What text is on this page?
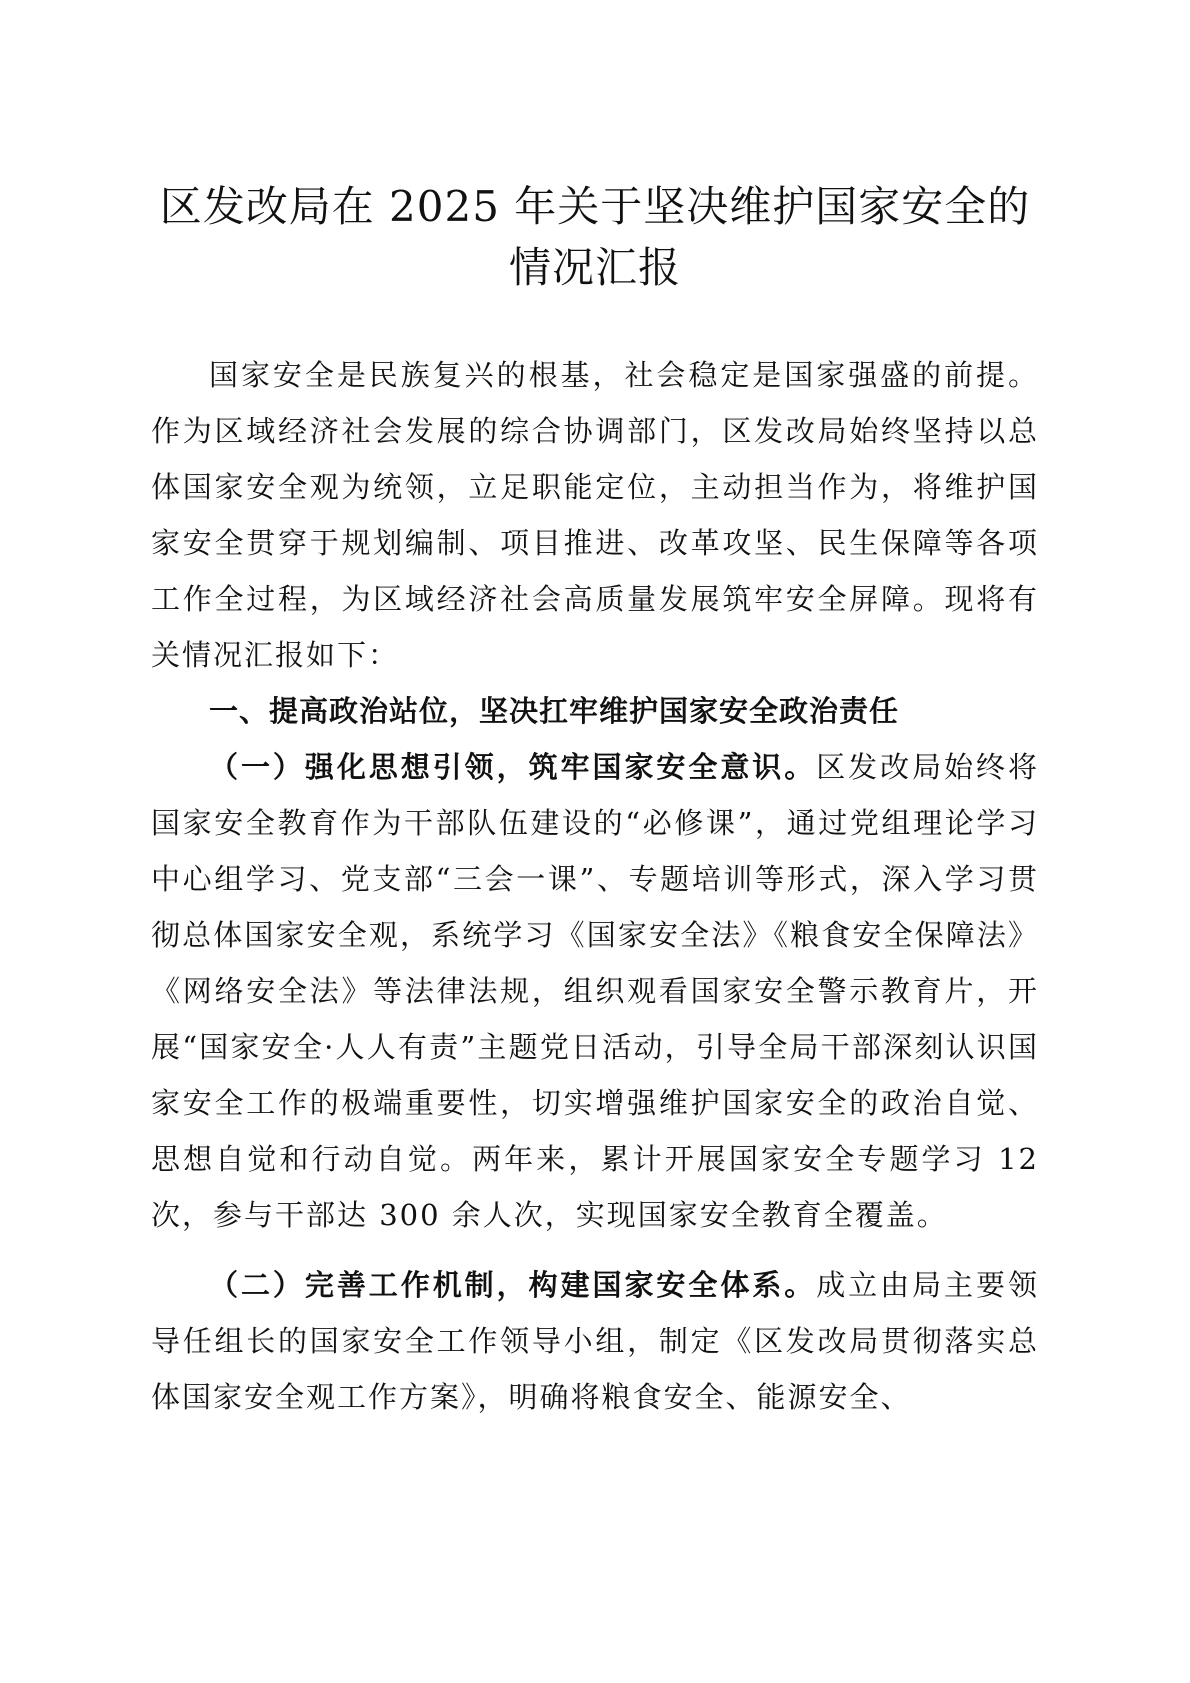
区发改局在 2025 年关于坚决维护国家安全的
情况汇报

国家安全是民族复兴的根基，社会稳定是国家强盛的前提。作为区域经济社会发展的综合协调部门，区发改局始终坚持以总体国家安全观为统领，立足职能定位，主动担当作为，将维护国家安全贯穿于规划编制、项目推进、改革攻坚、民生保障等各项工作全过程，为区域经济社会高质量发展筑牢安全屏障。现将有关情况汇报如下：

一、提高政治站位，坚决扛牢维护国家安全政治责任

（一）强化思想引领，筑牢国家安全意识。区发改局始终将国家安全教育作为干部队伍建设的“必修课”，通过党组理论学习中心组学习、党支部“三会一课”、专题培训等形式，深入学习贯彻总体国家安全观，系统学习《国家安全法》《粮食安全保障法》《网络安全法》等法律法规，组织观看国家安全警示教育片，开展“国家安全·人人有责”主题党日活动，引导全局干部深刻认识国家安全工作的极端重要性，切实增强维护国家安全的政治自觉、思想自觉和行动自觉。两年来，累计开展国家安全专题学习 12 次，参与干部达 300 余人次，实现国家安全教育全覆盖。

（二）完善工作机制，构建国家安全体系。成立由局主要领导任组长的国家安全工作领导小组，制定《区发改局贯彻落实总体国家安全观工作方案》，明确将粮食安全、能源安全、
